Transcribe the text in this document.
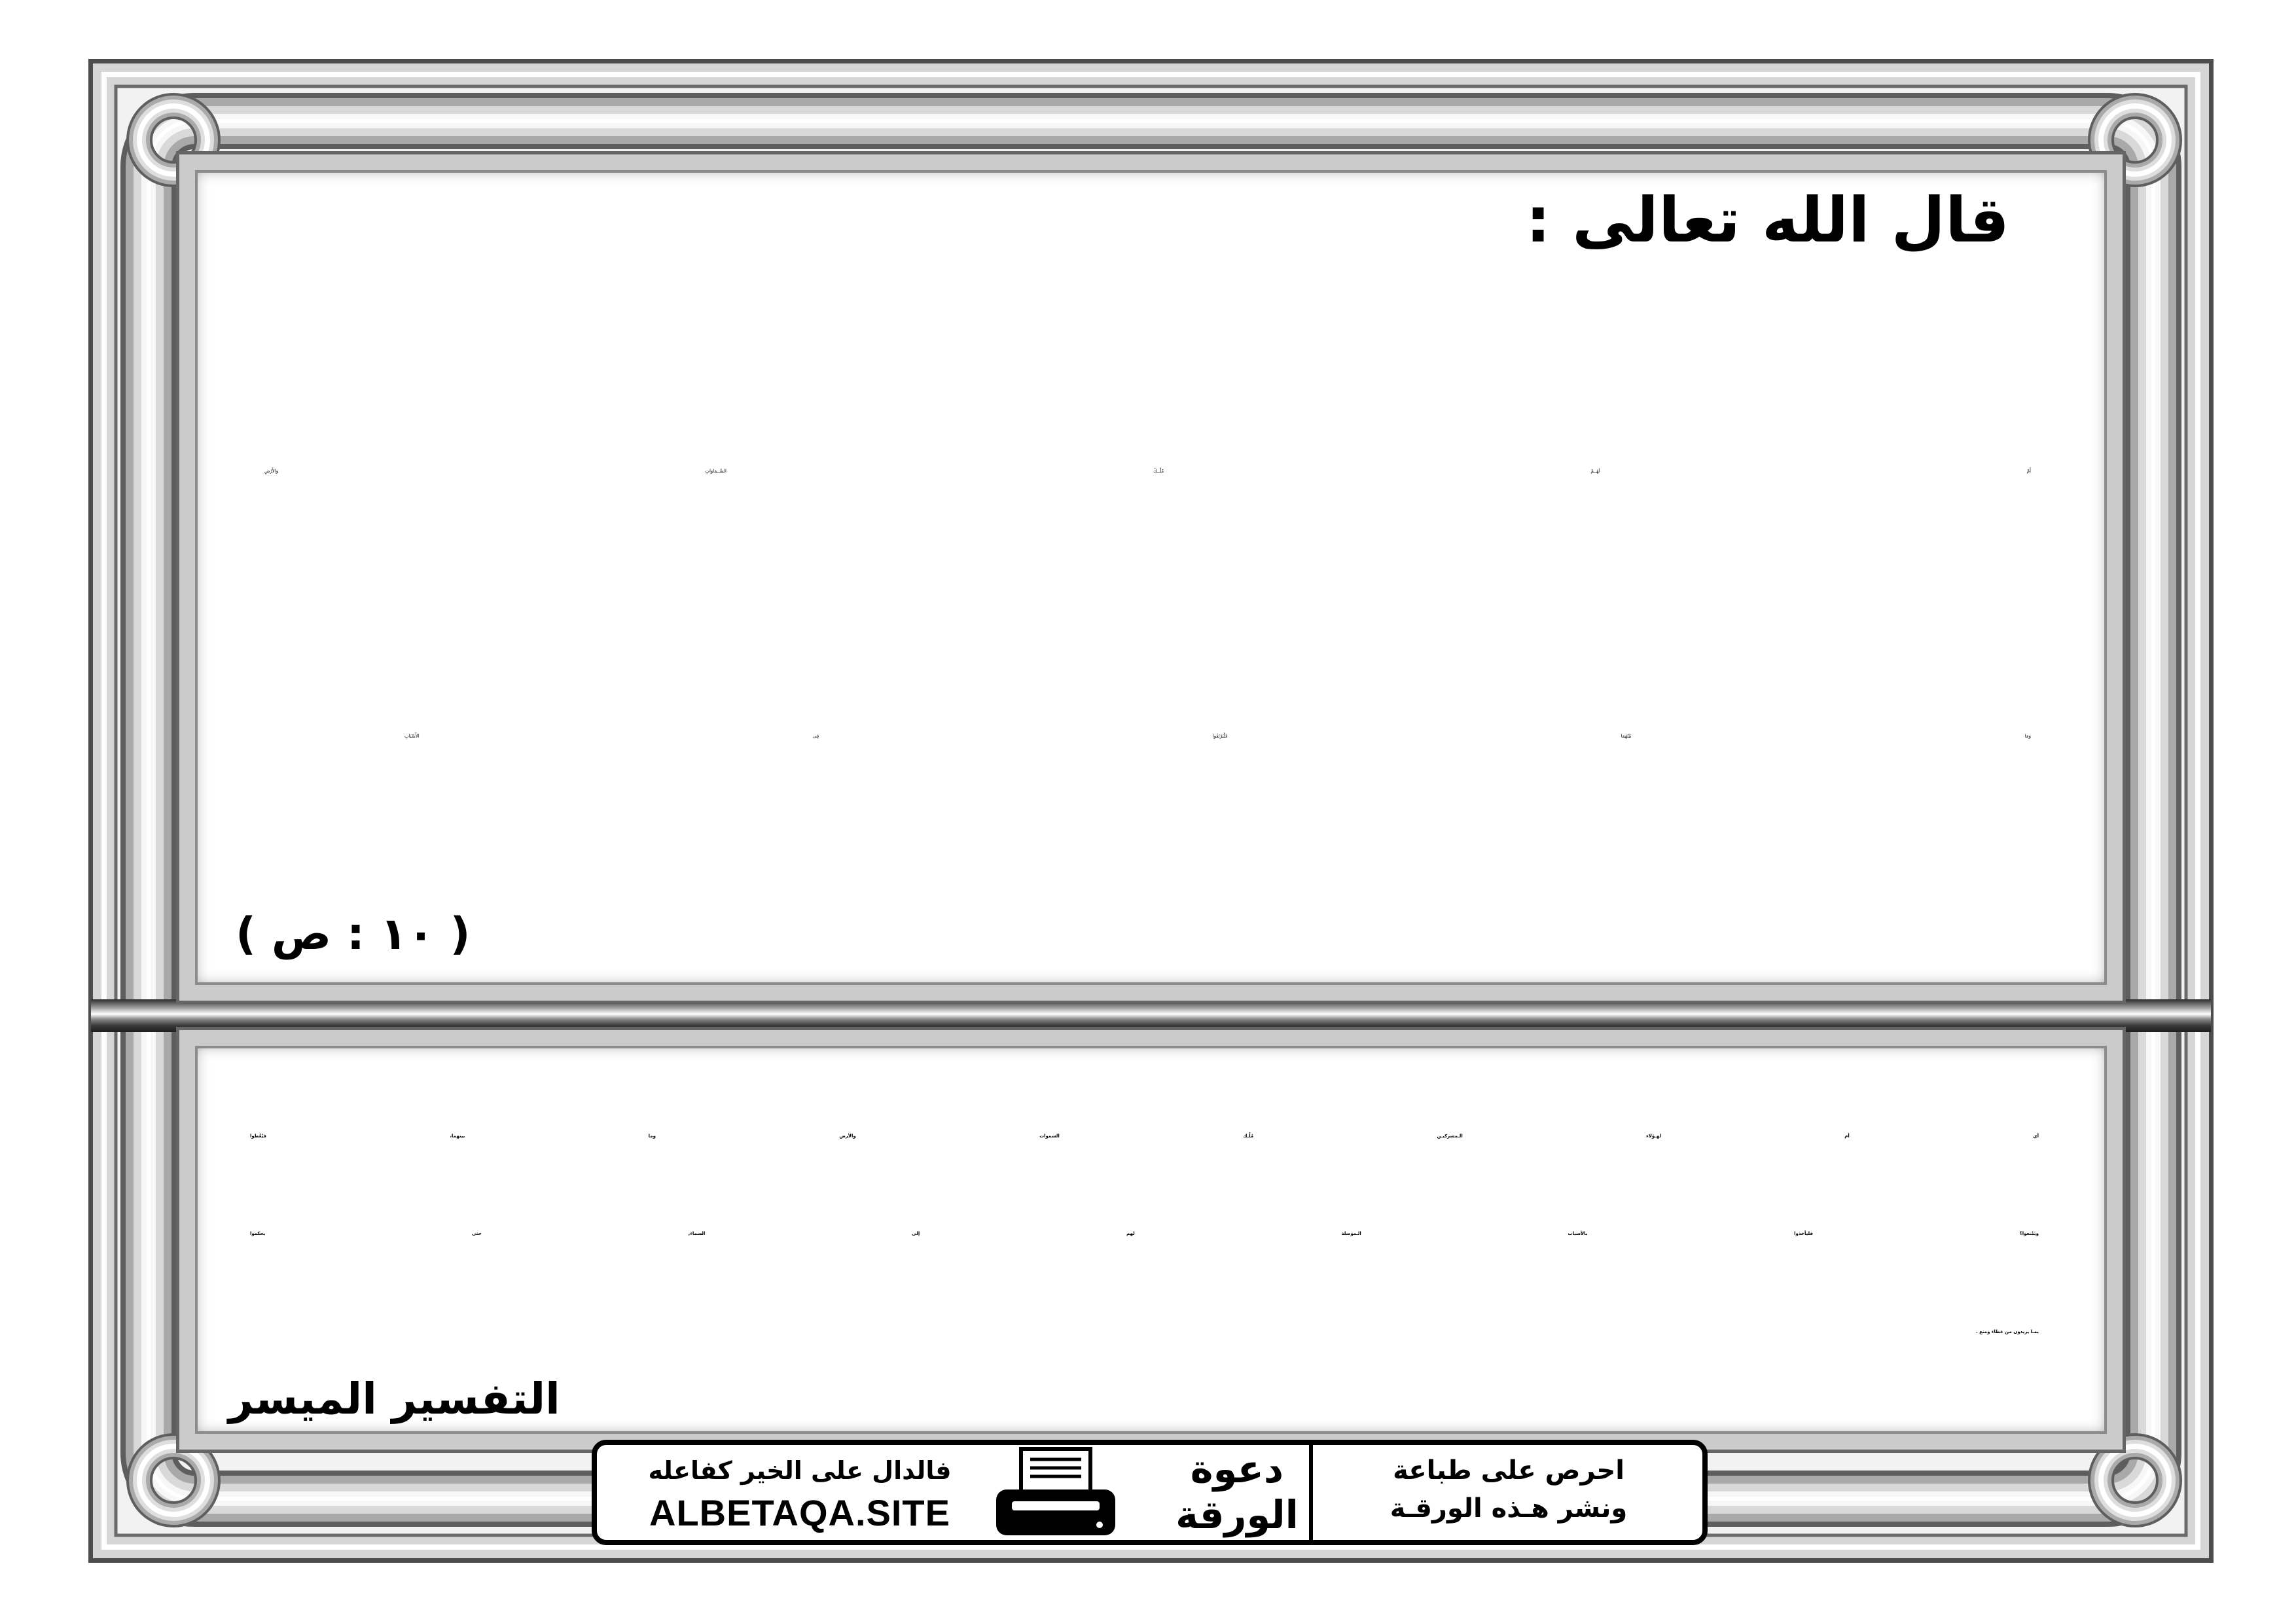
قال الله تعالى :
أَمْ لَهُــمْ مُلْــكُ السَّــمَاوَاتِ وَالأَرْضِ
وَمَا بَيْنَهُمَا فَلْيَرْتَقُوا فِى الأَسْبَابِ
( ص : ١٠ )
أي أم لهـؤلاء الـمشركيـن مُلْـك السموات والأرض وما بينهما، فيُعْطوا
ويَمْنعوا؟ فليأخذوا بالأسباب الـموصلة لهم إلى السماء, حتى يحكموا
بمـا يريدون من عطاء ومنع .
التفسير الميسر
فالدال على الخير كفاعله
ALBETAQA.SITE
دعوة
الورقة
احرص على طباعة
ونشر هـذه الورقـة
